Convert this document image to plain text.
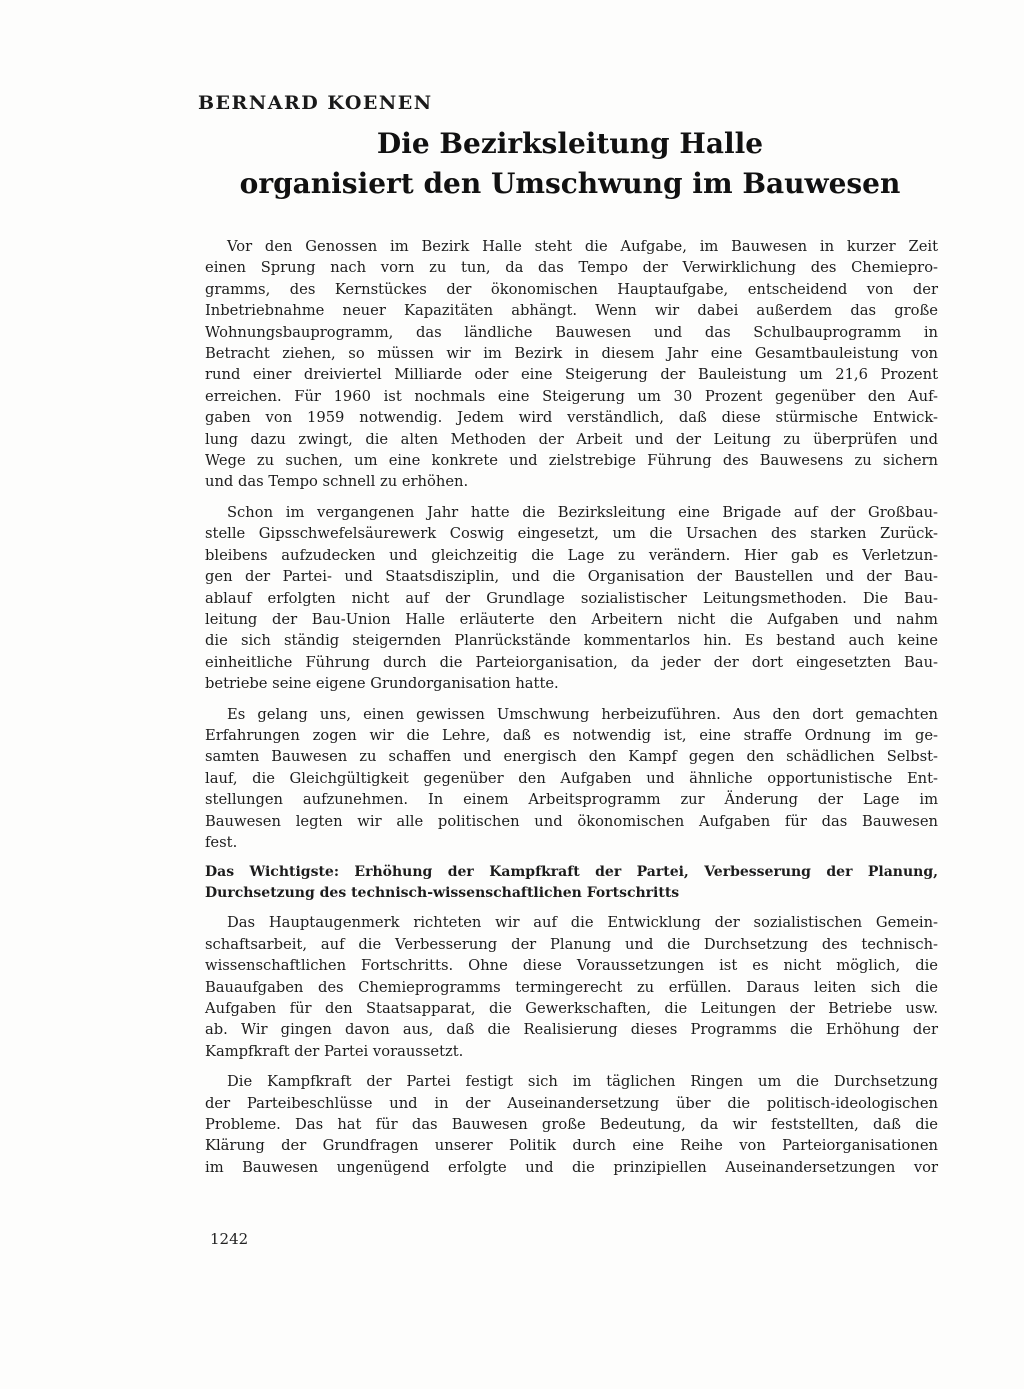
BERNARD KOENEN
Die Bezirksleitung Halle
organisiert den Umschwung im Bauwesen
Vor den Genossen im Bezirk Halle steht die Aufgabe, im Bauwesen in kurzer Zeit
einen Sprung nach vorn zu tun, da das Tempo der Verwirklichung des Chemiepro-
gramms, des Kernstückes der ökonomischen Hauptaufgabe, entscheidend von der
Inbetriebnahme neuer Kapazitäten abhängt. Wenn wir dabei außerdem das große
Wohnungsbauprogramm, das ländliche Bauwesen und das Schulbauprogramm in
Betracht ziehen, so müssen wir im Bezirk in diesem Jahr eine Gesamtbauleistung von
rund einer dreiviertel Milliarde oder eine Steigerung der Bauleistung um 21,6 Prozent
erreichen. Für 1960 ist nochmals eine Steigerung um 30 Prozent gegenüber den Auf-
gaben von 1959 notwendig. Jedem wird verständlich, daß diese stürmische Entwick-
lung dazu zwingt, die alten Methoden der Arbeit und der Leitung zu überprüfen und
Wege zu suchen, um eine konkrete und zielstrebige Führung des Bauwesens zu sichern
und das Tempo schnell zu erhöhen.
Schon im vergangenen Jahr hatte die Bezirksleitung eine Brigade auf der Großbau-
stelle Gipsschwefelsäurewerk Coswig eingesetzt, um die Ursachen des starken Zurück-
bleibens aufzudecken und gleichzeitig die Lage zu verändern. Hier gab es Verletzun-
gen der Partei- und Staatsdisziplin, und die Organisation der Baustellen und der Bau-
ablauf erfolgten nicht auf der Grundlage sozialistischer Leitungsmethoden. Die Bau-
leitung der Bau-Union Halle erläuterte den Arbeitern nicht die Aufgaben und nahm
die sich ständig steigernden Planrückstände kommentarlos hin. Es bestand auch keine
einheitliche Führung durch die Parteiorganisation, da jeder der dort eingesetzten Bau-
betriebe seine eigene Grundorganisation hatte.
Es gelang uns, einen gewissen Umschwung herbeizuführen. Aus den dort gemachten
Erfahrungen zogen wir die Lehre, daß es notwendig ist, eine straffe Ordnung im ge-
samten Bauwesen zu schaffen und energisch den Kampf gegen den schädlichen Selbst-
lauf, die Gleichgültigkeit gegenüber den Aufgaben und ähnliche opportunistische Ent-
stellungen aufzunehmen. In einem Arbeitsprogramm zur Änderung der Lage im
Bauwesen legten wir alle politischen und ökonomischen Aufgaben für das Bauwesen
fest.
Das Wichtigste: Erhöhung der Kampfkraft der Partei, Verbesserung der Planung,
Durchsetzung des technisch-wissenschaftlichen Fortschritts
Das Hauptaugenmerk richteten wir auf die Entwicklung der sozialistischen Gemein-
schaftsarbeit, auf die Verbesserung der Planung und die Durchsetzung des technisch-
wissenschaftlichen Fortschritts. Ohne diese Voraussetzungen ist es nicht möglich, die
Bauaufgaben des Chemieprogramms termingerecht zu erfüllen. Daraus leiten sich die
Aufgaben für den Staatsapparat, die Gewerkschaften, die Leitungen der Betriebe usw.
ab. Wir gingen davon aus, daß die Realisierung dieses Programms die Erhöhung der
Kampfkraft der Partei voraussetzt.
Die Kampfkraft der Partei festigt sich im täglichen Ringen um die Durchsetzung
der Parteibeschlüsse und in der Auseinandersetzung über die politisch-ideologischen
Probleme. Das hat für das Bauwesen große Bedeutung, da wir feststellten, daß die
Klärung der Grundfragen unserer Politik durch eine Reihe von Parteiorganisationen
im Bauwesen ungenügend erfolgte und die prinzipiellen Auseinandersetzungen vor
1242
